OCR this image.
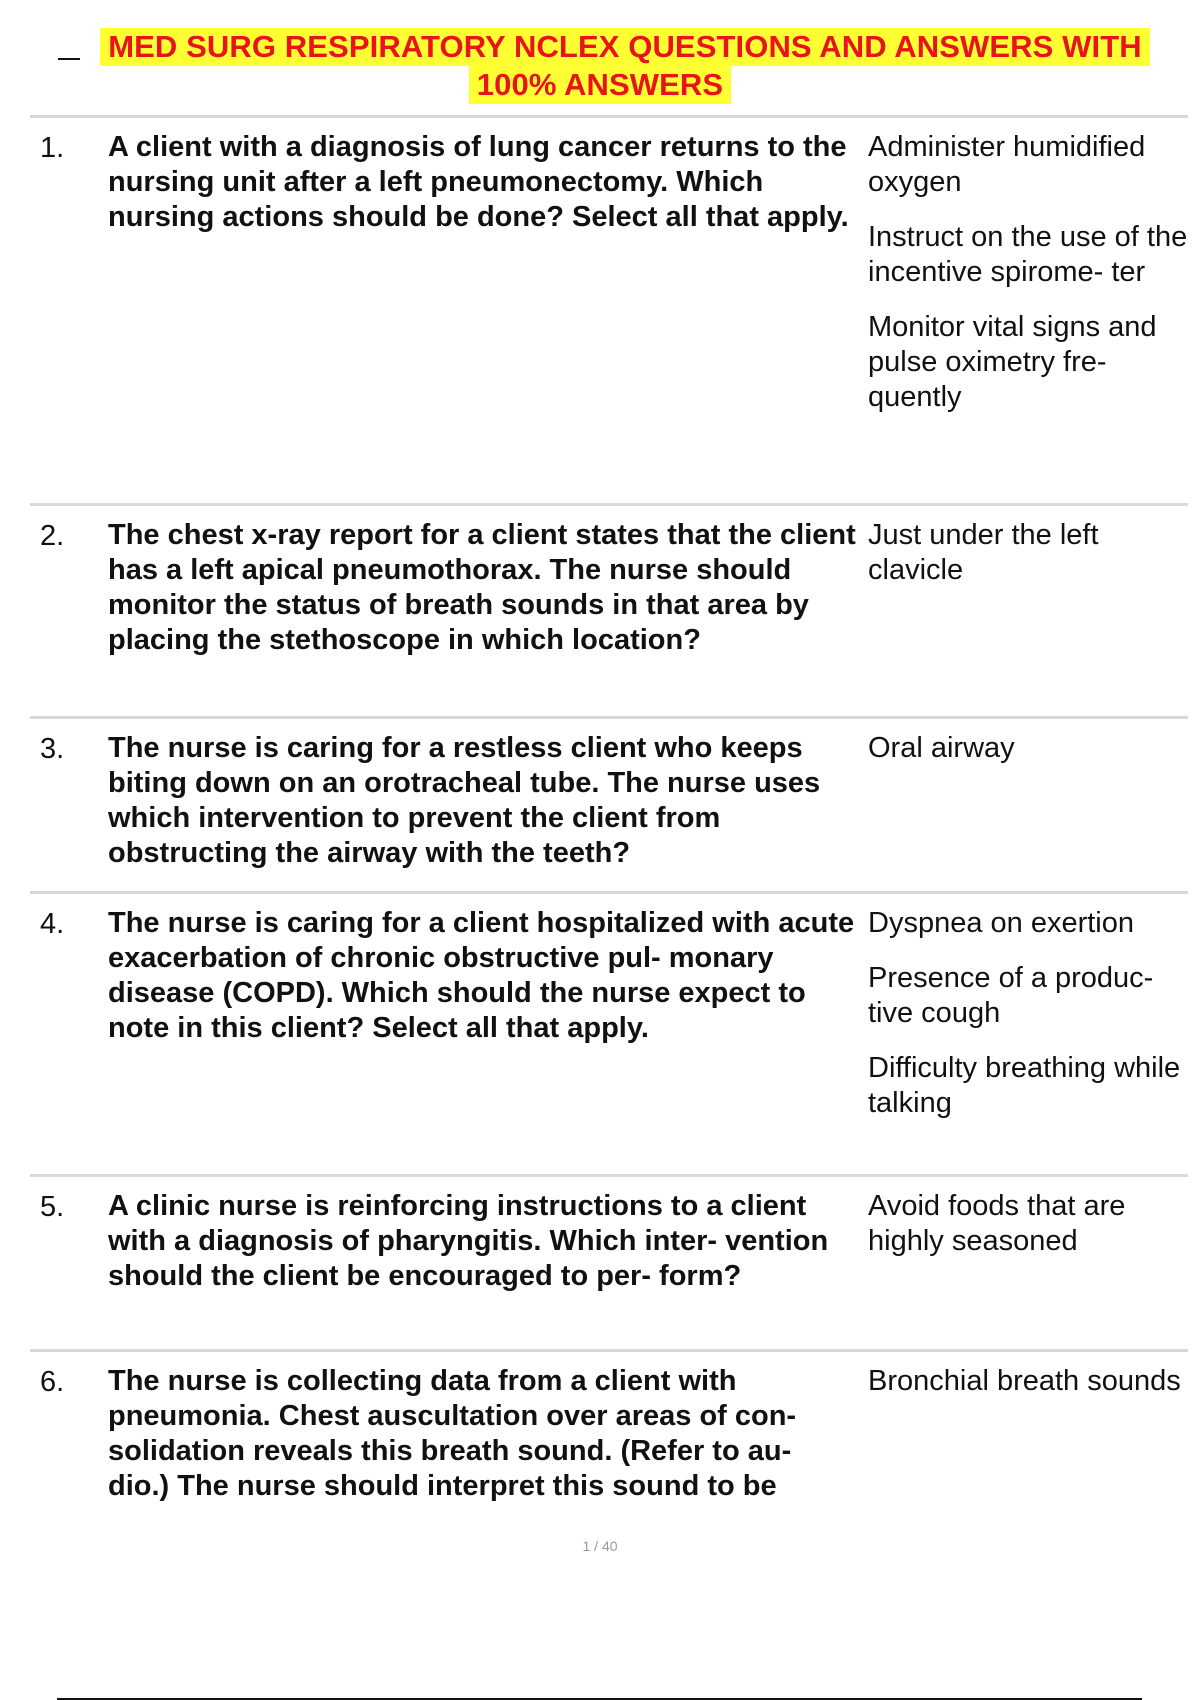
MED SURG RESPIRATORY NCLEX QUESTIONS AND ANSWERS WITH
100% ANSWERS
1.	A client with a diagnosis of lung cancer returns to the nursing unit after a left pneumonectomy. Which nursing actions should be done? Select all that apply.
Administer humidified oxygen
Instruct on the use of the incentive spirome- ter
Monitor vital signs and pulse oximetry fre- quently
2.	The chest x-ray report for a client states that the client has a left apical pneumothorax. The nurse should monitor the status of breath sounds in that area by placing the stethoscope in which location?
Just under the left clavicle
3.	The nurse is caring for a restless client who keeps biting down on an orotracheal tube. The nurse uses which intervention to prevent the client from obstructing the airway with the teeth?
Oral airway
4.	The nurse is caring for a client hospitalized with acute exacerbation of chronic obstructive pul- monary disease (COPD). Which should the nurse expect to note in this client? Select all that apply.
Dyspnea on exertion
Presence of a produc- tive cough
Difficulty breathing while talking
5.	A clinic nurse is reinforcing instructions to a client with a diagnosis of pharyngitis. Which inter- vention should the client be encouraged to per- form?
Avoid foods that are highly seasoned
6.	The nurse is collecting data from a client with pneumonia. Chest auscultation over areas of con- solidation reveals this breath sound. (Refer to au- dio.) The nurse should interpret this sound to be
Bronchial breath sounds
1 / 40
